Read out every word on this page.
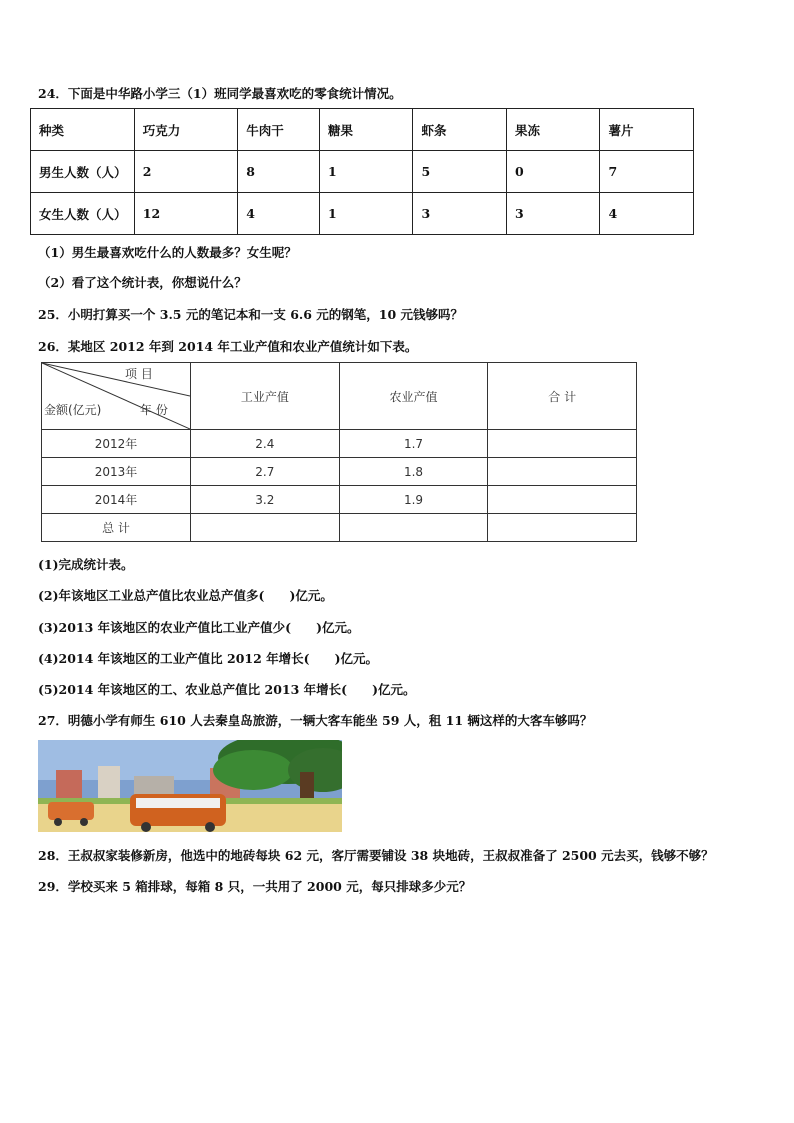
24．下面是中华路小学三（1）班同学最喜欢吃的零食统计情况。
种类	巧克力	牛肉干	糖果	虾条	果冻	薯片
男生人数（人）	2	8	1	5	0	7
女生人数（人）	12	4	1	3	3	4
（1）男生最喜欢吃什么的人数最多？女生呢？
（2）看了这个统计表，你想说什么？
25．小明打算买一个 3.5 元的笔记本和一支 6.6 元的钢笔，10 元钱够吗？
26．某地区 2012 年到 2014 年工业产值和农业产值统计如下表。
项 目
金额(亿元) 年 份	工业产值	农业产值	合 计
2012年	2.4	1.7	
2013年	2.7	1.8	
2014年	3.2	1.9	
总 计			
(1)完成统计表。
(2)年该地区工业总产值比农业总产值多(　　)亿元。
(3)2013 年该地区的农业产值比工业产值少(　　)亿元。
(4)2014 年该地区的工业产值比 2012 年增长(　　)亿元。
(5)2014 年该地区的工、农业总产值比 2013 年增长(　　)亿元。
27．明德小学有师生 610 人去秦皇岛旅游，一辆大客车能坐 59 人，租 11 辆这样的大客车够吗？
28．王叔叔家装修新房，他选中的地砖每块 62 元，客厅需要铺设 38 块地砖，王叔叔准备了 2500 元去买，钱够不够？
29．学校买来 5 箱排球，每箱 8 只，一共用了 2000 元，每只排球多少元？
